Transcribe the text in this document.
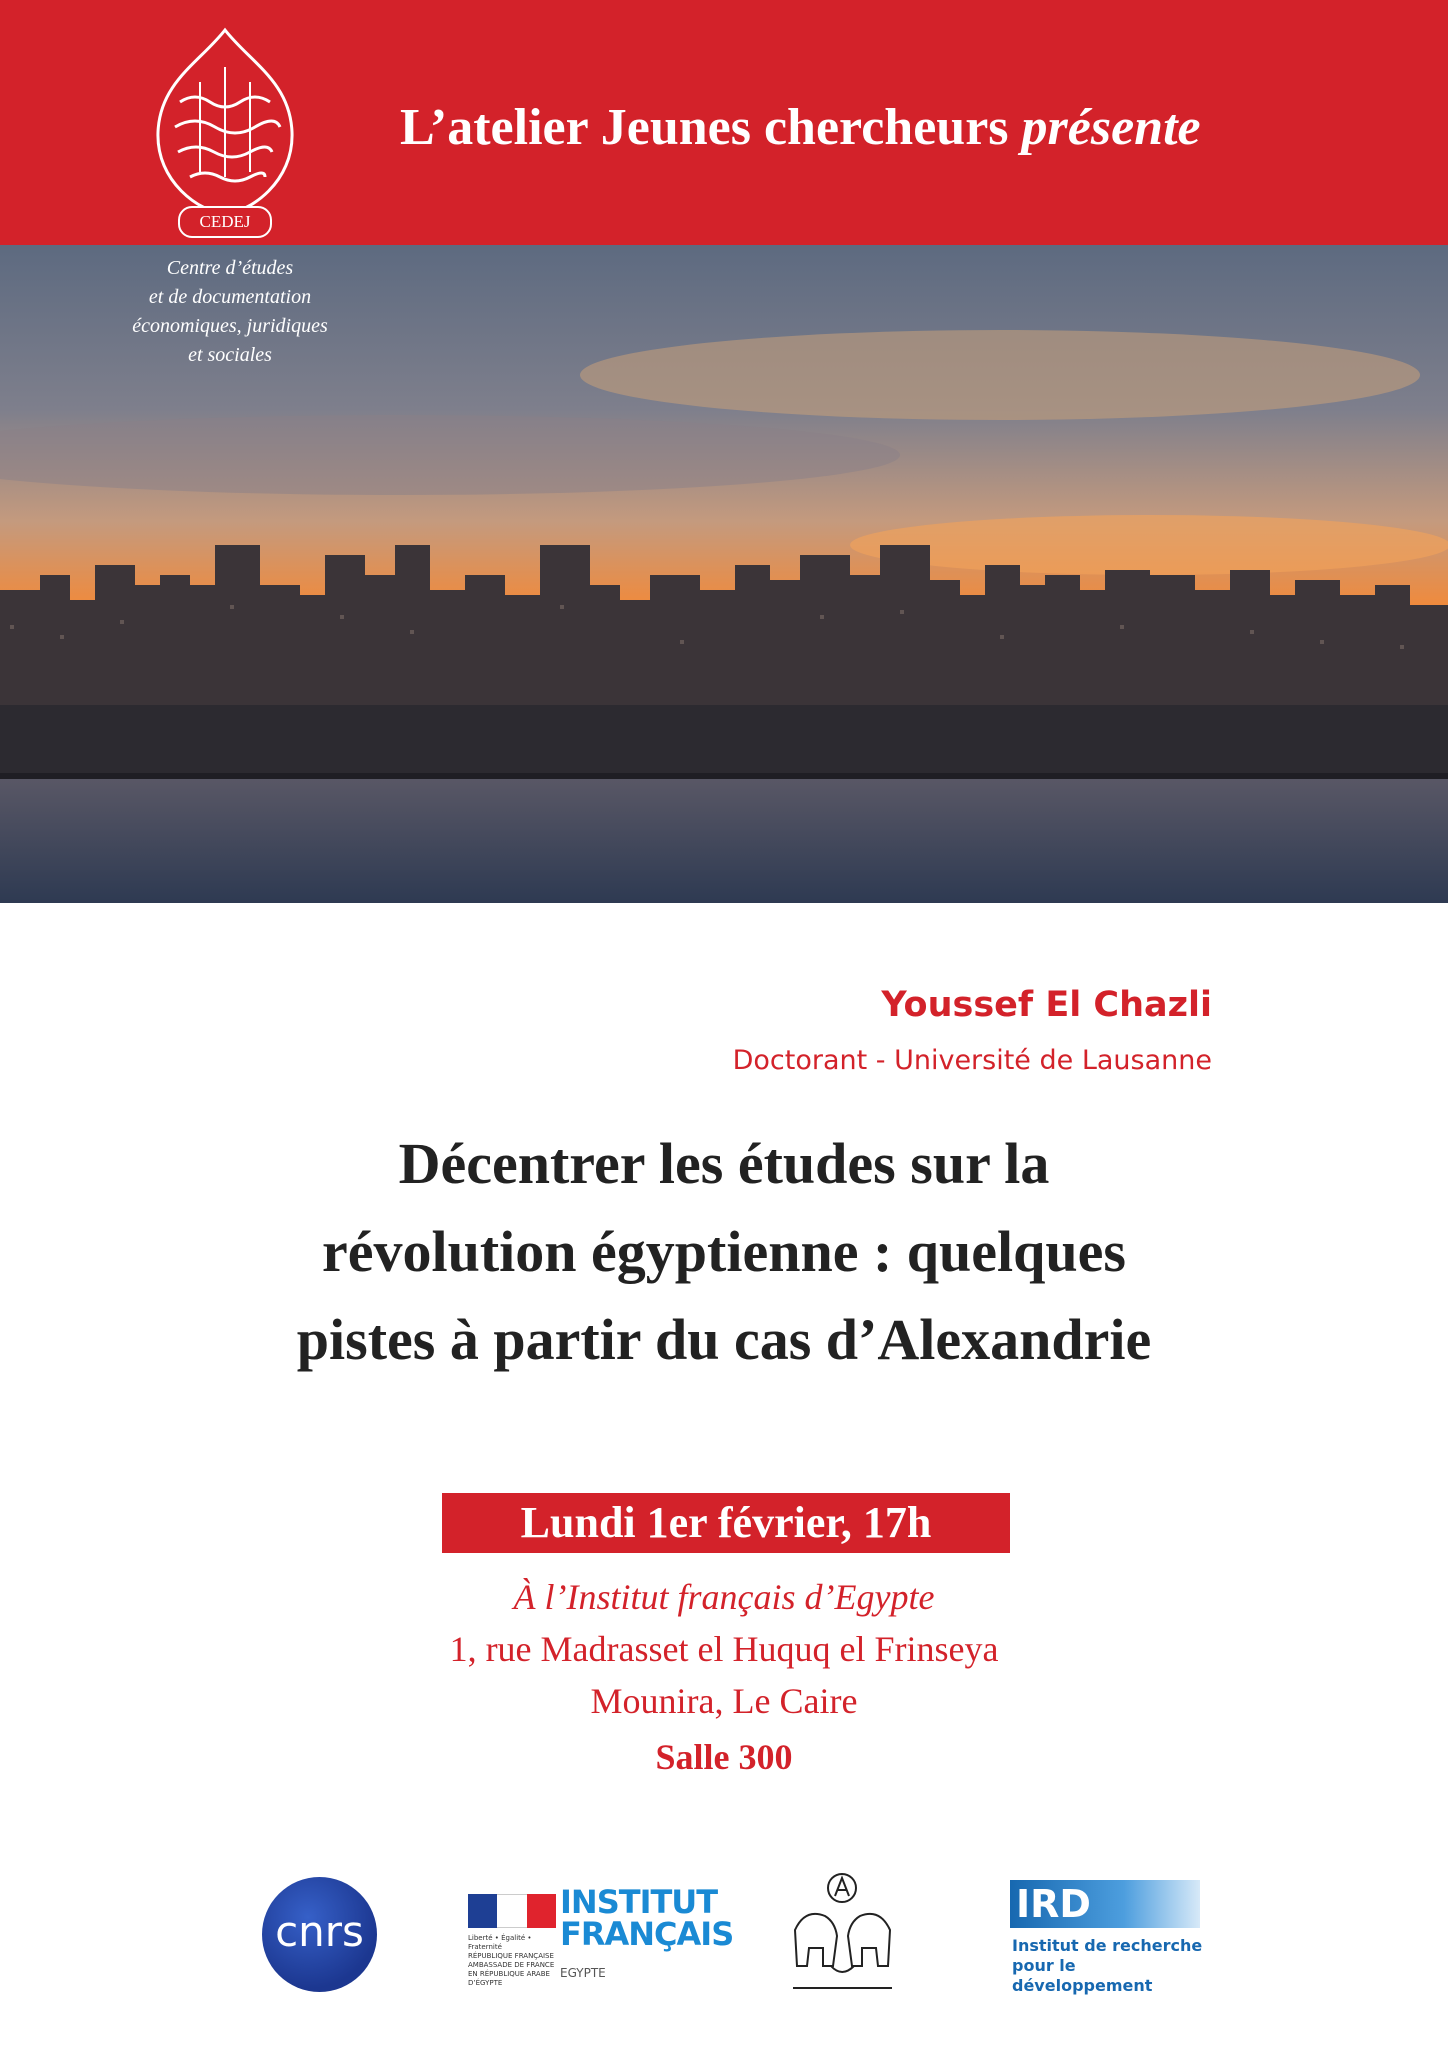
CEDEJ
L’atelier Jeunes chercheurs présente
Centre d’études
et de documentation
économiques, juridiques
et sociales
Youssef El Chazli
Doctorant - Université de Lausanne
Décentrer les études sur la
révolution égyptienne : quelques
pistes à partir du cas d’Alexandrie
Lundi 1er février, 17h
À l’Institut français d’Egypte
1, rue Madrasset el Huquq el Frinseya
Mounira, Le Caire
Salle 300
cnrs	Liberté • Égalité • Fraternité
RÉPUBLIQUE FRANÇAISE
AMBASSADE DE FRANCE
EN RÉPUBLIQUE ARABE
D’ÉGYPTE
INSTITUT
FRANÇAIS
EGYPTE
IRD
Institut de recherche
pour le développement
